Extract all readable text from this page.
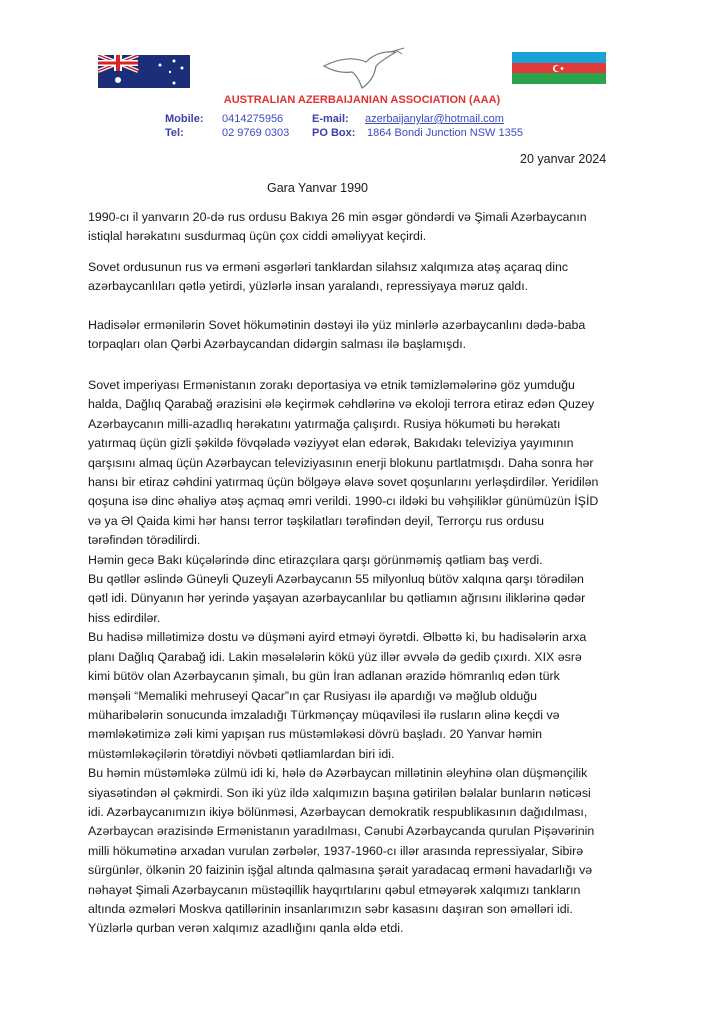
AUSTRALIAN AZERBAIJANIAN ASSOCIATION (AAA)
Mobile: 0414275956
Tel:	02 9769 0303
E-mail: azerbaijanylar@hotmail.com
PO Box: 1864 Bondi Junction NSW 1355
20 yanvar 2024
Gara Yanvar 1990
1990-cı il yanvarın 20-də rus ordusu Bakıya 26 min əsgər göndərdi və Şimali Azərbaycanın
istiqlal hərəkatını susdurmaq üçün çox ciddi əməliyyat keçirdi.
Sovet ordusunun rus və erməni əsgərləri tanklardan silahsız xalqımıza atəş açaraq dinc
azərbaycanlıları qətlə yetirdi, yüzlərlə insan yaralandı, repressiyaya məruz qaldı.
Hadisələr ermənilərin Sovet hökumətinin dəstəyi ilə yüz minlərlə azərbaycanlını dədə-baba
torpaqları olan Qərbi Azərbaycandan didərgin salması ilə başlamışdı.
Sovet imperiyası Ermənistanın zorakı deportasiya və etnik təmizləmələrinə göz yumduğu
halda, Dağlıq Qarabağ ərazisini ələ keçirmək cəhdlərinə və ekoloji terrora etiraz edən Quzey
Azərbaycanın milli-azadlıq hərəkatını yatırmağa çalışırdı. Rusiya hökuməti bu hərəkatı
yatırmaq üçün gizli şəkildə fövqəladə vəziyyət elan edərək, Bakıdakı televiziya yayımının
qarşısını almaq üçün Azərbaycan televiziyasının enerji blokunu partlatmışdı. Daha sonra hər
hansı bir etiraz cəhdini yatırmaq üçün bölgəyə əlavə sovet qoşunlarını yerləşdirdilər. Yeridilən
qoşuna isə dinc əhaliyə atəş açmaq əmri verildi. 1990-cı ildəki bu vəhşiliklər günümüzün İŞİD
və ya Əl Qaida kimi hər hansı terror təşkilatları tərəfindən deyil, Terrorçu rus ordusu
tərəfindən törədilirdi.
Həmin gecə Bakı küçələrində dinc etirazçılara qarşı görünməmiş qətliam baş verdi.
Bu qətllər əslində Güneyli Quzeyli Azərbaycanın 55 milyonluq bütöv xalqına qarşı törədilən
qətl idi. Dünyanın hər yerində yaşayan azərbaycanlılar bu qətliamın ağrısını iliklərinə qədər
hiss edirdilər.
Bu hadisə millətimizə dostu və düşməni ayird etməyi öyrətdi. Əlbəttə ki, bu hadisələrin arxa
planı Dağlıq Qarabağ idi. Lakin məsələlərin kökü yüz illər əvvələ də gedib çıxırdı. XIX əsrə
kimi bütöv olan Azərbaycanın şimalı, bu gün İran adlanan ərazidə hömranlıq edən türk
mənşəli “Memaliki mehruseyi Qacar”ın çar Rusiyası ilə apardığı və məğlub olduğu
müharibələrin sonucunda imzaladığı Türkmənçay müqaviləsi ilə rusların əlinə keçdi və
məmləkətimizə zəli kimi yapışan rus müstəmləkəsi dövrü başladı. 20 Yanvar həmin
müstəmləkəçilərin törətdiyi növbəti qətliamlardan biri idi.
Bu həmin müstəmləkə zülmü idi ki, hələ də Azərbaycan millətinin əleyhinə olan düşmənçilik
siyasətindən əl çəkmirdi. Son iki yüz ildə xalqımızın başına gətirilən bəlalar bunların nəticəsi
idi. Azərbaycanımızın ikiyə bölünməsi, Azərbaycan demokratik respublikasının dağıdılması,
Azərbaycan ərazisində Ermənistanın yaradılması, Cənubi Azərbaycanda qurulan Pişəvərinin
milli hökumətinə arxadan vurulan zərbələr, 1937-1960-cı illər arasında repressiyalar, Sibirə
sürgünlər, ölkənin 20 faizinin işğal altında qalmasına şərait yaradacaq erməni havadarlığı və
nəhayət Şimali Azərbaycanın müstəqillik hayqırtılarını qəbul etməyərək xalqımızı tankların
altında əzmələri Moskva qatillərinin insanlarımızın səbr kasasını daşıran son əməlləri idi.
Yüzlərlə qurban verən xalqımız azadlığını qanla əldə etdi.
